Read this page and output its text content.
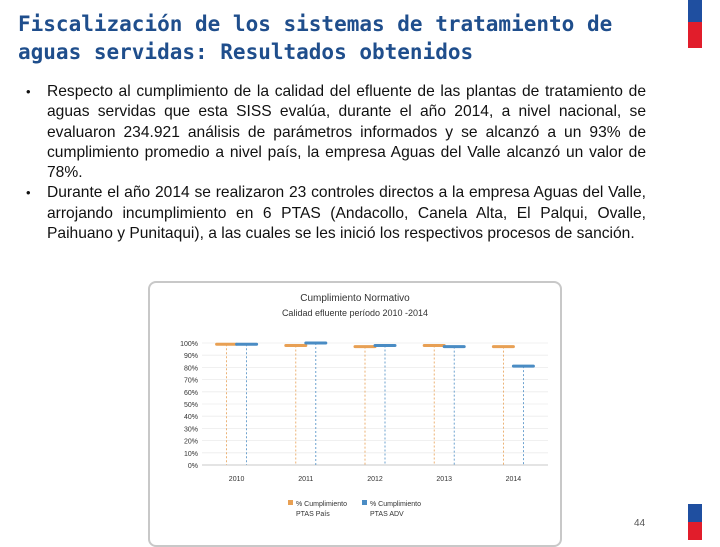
Fiscalización de los sistemas de tratamiento de aguas servidas: Resultados obtenidos
• Respecto al cumplimiento de la calidad del efluente de las plantas de tratamiento de aguas servidas que esta SISS evalúa, durante el año 2014, a nivel nacional, se evaluaron 234.921 análisis de parámetros informados y se alcanzó a un 93% de cumplimiento promedio a nivel país, la empresa Aguas del Valle alcanzó un valor de 78%.
• Durante el año 2014 se realizaron 23 controles directos a la empresa Aguas del Valle, arrojando incumplimiento en 6 PTAS (Andacollo, Canela Alta, El Palqui, Ovalle, Paihuano y Punitaqui), a las cuales se les inició los respectivos procesos de sanción.
Cumplimiento Normativo
Calidad efluente período 2010 -2014
100%
90%
80%
70%
60%
50%
40%
30%
20%
10%
0%
2010	2011	2012	2013	2014
% Cumplimiento PTAS País
% Cumplimiento PTAS ADV
44
